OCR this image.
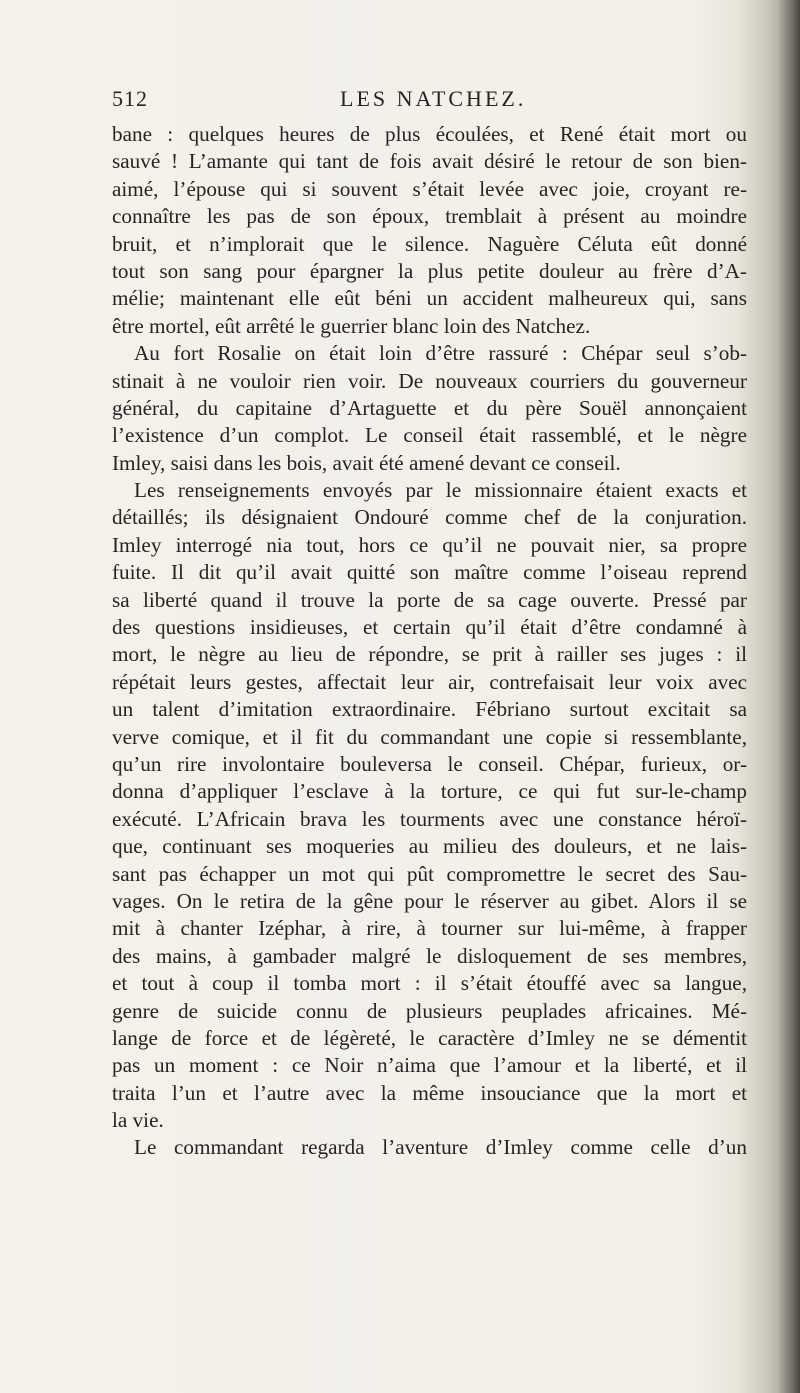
512	LES NATCHEZ.
bane : quelques heures de plus écoulées, et René était mort ou
sauvé ! L’amante qui tant de fois avait désiré le retour de son bien-
aimé, l’épouse qui si souvent s’était levée avec joie, croyant re-
connaître les pas de son époux, tremblait à présent au moindre
bruit, et n’implorait que le silence. Naguère Céluta eût donné
tout son sang pour épargner la plus petite douleur au frère d’A-
mélie; maintenant elle eût béni un accident malheureux qui, sans
être mortel, eût arrêté le guerrier blanc loin des Natchez.
Au fort Rosalie on était loin d’être rassuré : Chépar seul s’ob-
stinait à ne vouloir rien voir. De nouveaux courriers du gouverneur
général, du capitaine d’Artaguette et du père Souël annonçaient
l’existence d’un complot. Le conseil était rassemblé, et le nègre
Imley, saisi dans les bois, avait été amené devant ce conseil.
Les renseignements envoyés par le missionnaire étaient exacts et
détaillés; ils désignaient Ondouré comme chef de la conjuration.
Imley interrogé nia tout, hors ce qu’il ne pouvait nier, sa propre
fuite. Il dit qu’il avait quitté son maître comme l’oiseau reprend
sa liberté quand il trouve la porte de sa cage ouverte. Pressé par
des questions insidieuses, et certain qu’il était d’être condamné à
mort, le nègre au lieu de répondre, se prit à railler ses juges : il
répétait leurs gestes, affectait leur air, contrefaisait leur voix avec
un talent d’imitation extraordinaire. Fébriano surtout excitait sa
verve comique, et il fit du commandant une copie si ressemblante,
qu’un rire involontaire bouleversa le conseil. Chépar, furieux, or-
donna d’appliquer l’esclave à la torture, ce qui fut sur-le-champ
exécuté. L’Africain brava les tourments avec une constance héroï-
que, continuant ses moqueries au milieu des douleurs, et ne lais-
sant pas échapper un mot qui pût compromettre le secret des Sau-
vages. On le retira de la gêne pour le réserver au gibet. Alors il se
mit à chanter Izéphar, à rire, à tourner sur lui-même, à frapper
des mains, à gambader malgré le disloquement de ses membres,
et tout à coup il tomba mort : il s’était étouffé avec sa langue,
genre de suicide connu de plusieurs peuplades africaines. Mé-
lange de force et de légèreté, le caractère d’Imley ne se démentit
pas un moment : ce Noir n’aima que l’amour et la liberté, et il
traita l’un et l’autre avec la même insouciance que la mort et
la vie.
Le commandant regarda l’aventure d’Imley comme celle d’un
